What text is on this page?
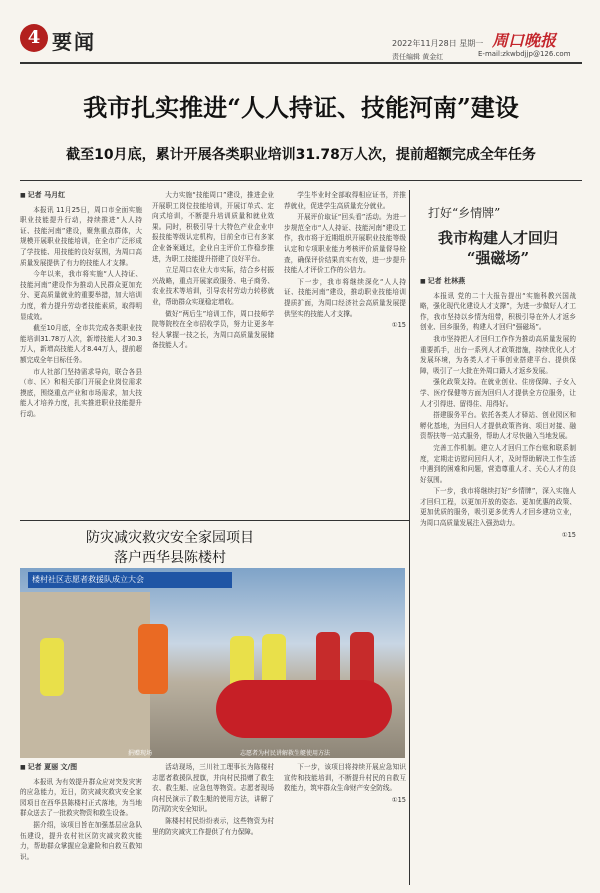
4 要闻	2022年11月28日 星期一
责任编辑 黄金红
周口晚报
E-mail:zkwbdjjp@126.com
我市扎实推进“人人持证、技能河南”建设
截至10月底，累计开展各类职业培训31.78万人次，提前超额完成全年任务
■ 记者 马月红

本报讯 11月25日，周口市全面实施职业技能提升行动，持续推进“人人持证、技能河南”建设，聚焦重点群体，大规模开展职业技能培训，在全市广泛形成了学技能、用技能的良好氛围，为周口高质量发展提供了有力的技能人才支撑。

今年以来，我市将实施“人人持证、技能河南”建设作为推动人民群众更加充分、更高质量就业的重要举措，加大培训力度，着力提升劳动者技能素质，取得明显成效。

截至10月底，全市共完成各类职业技能培训31.78万人次，新增技能人才30.3万人，新增高技能人才8.44万人，提前超额完成全年目标任务。

市人社部门坚持需求导向，联合各县（市、区）和相关部门开展企业岗位需求摸底，围绕重点产业和市场需求，加大技能人才培养力度，扎实推进职业技能提升行动。

大力实施“技能周口”建设，推进企业开展职工岗位技能培训，开展订单式、定向式培训，不断提升培训质量和就业效果。同时，积极引导十大特色产业企业申报技能等级认定机构，目前全市已有多家企业备案通过，企业自主评价工作稳步推进，为职工技能提升搭建了良好平台。

立足周口农业大市实际，结合乡村振兴战略，重点开展家政服务、电子商务、农业技术等培训，引导农村劳动力转移就业，帮助群众实现稳定增收。

做好“两后生”培训工作，周口技师学院等院校在全市招收学员，努力让更多年轻人掌握一技之长，为周口高质量发展储备技能人才。

学生毕业时全部取得相应证书，并推荐就业，促进学生高质量充分就业。

开展评价取证“回头看”活动。为进一步规范全市“人人持证、技能河南”建设工作，我市将于近期组织开展职业技能等级认定和专项职业能力考核评价质量督导检查，确保评价结果真实有效，进一步提升技能人才评价工作的公信力。

下一步，我市将继续深化“人人持证、技能河南”建设，推动职业技能培训提质扩面，为周口经济社会高质量发展提供坚实的技能人才支撑。

①15

打好“乡情牌”
我市构建人才回归
“强磁场”
■ 记者 杜林燕

本报讯 党的二十大报告提出“实施科教兴国战略，强化现代化建设人才支撑”，为进一步做好人才工作，我市坚持以乡情为纽带，积极引导在外人才返乡创业、回乡服务，构建人才回归“强磁场”。

我市坚持把人才回归工作作为推动高质量发展的重要抓手，出台一系列人才政策措施，持续优化人才发展环境，为各类人才干事创业搭建平台、提供保障，吸引了一大批在外周口籍人才返乡发展。

强化政策支持。在就业创业、住房保障、子女入学、医疗保健等方面为回归人才提供全方位服务，让人才引得进、留得住、用得好。

搭建服务平台。依托各类人才驿站、创业园区和孵化基地，为回归人才提供政策咨询、项目对接、融资帮扶等一站式服务，帮助人才尽快融入当地发展。

完善工作机制。建立人才回归工作台账和联系制度，定期走访慰问回归人才，及时帮助解决工作生活中遇到的困难和问题，营造尊重人才、关心人才的良好氛围。

下一步，我市将继续打好“乡情牌”，深入实施人才回归工程，以更加开放的姿态、更加优惠的政策、更加优质的服务，吸引更多优秀人才回乡建功立业，为周口高质量发展注入强劲动力。

①15

防灾减灾救灾安全家园项目
落户西华县陈楼村
楼村社区志愿者救援队成立大会
捐赠现场	志愿者为村民讲解救生艇使用方法
■ 记者 夏丽 文/图

本报讯 为有效提升群众应对突发灾害的应急能力，近日，防灾减灾救灾安全家园项目在西华县陈楼村正式落地，为当地群众送去了一批救灾物资和救生设备。

据介绍，该项目旨在加强基层应急队伍建设，提升农村社区防灾减灾救灾能力，帮助群众掌握应急避险和自救互救知识。

活动现场，三川社工理事长为陈楼村志愿者救援队授旗，并向村民捐赠了救生衣、救生艇、应急包等物资。志愿者现场向村民演示了救生艇的使用方法，讲解了防汛防灾安全知识。

陈楼村村民纷纷表示，这些物资为村里的防灾减灾工作提供了有力保障。

下一步，该项目将持续开展应急知识宣传和技能培训，不断提升村民的自救互救能力，筑牢群众生命财产安全防线。

①15
